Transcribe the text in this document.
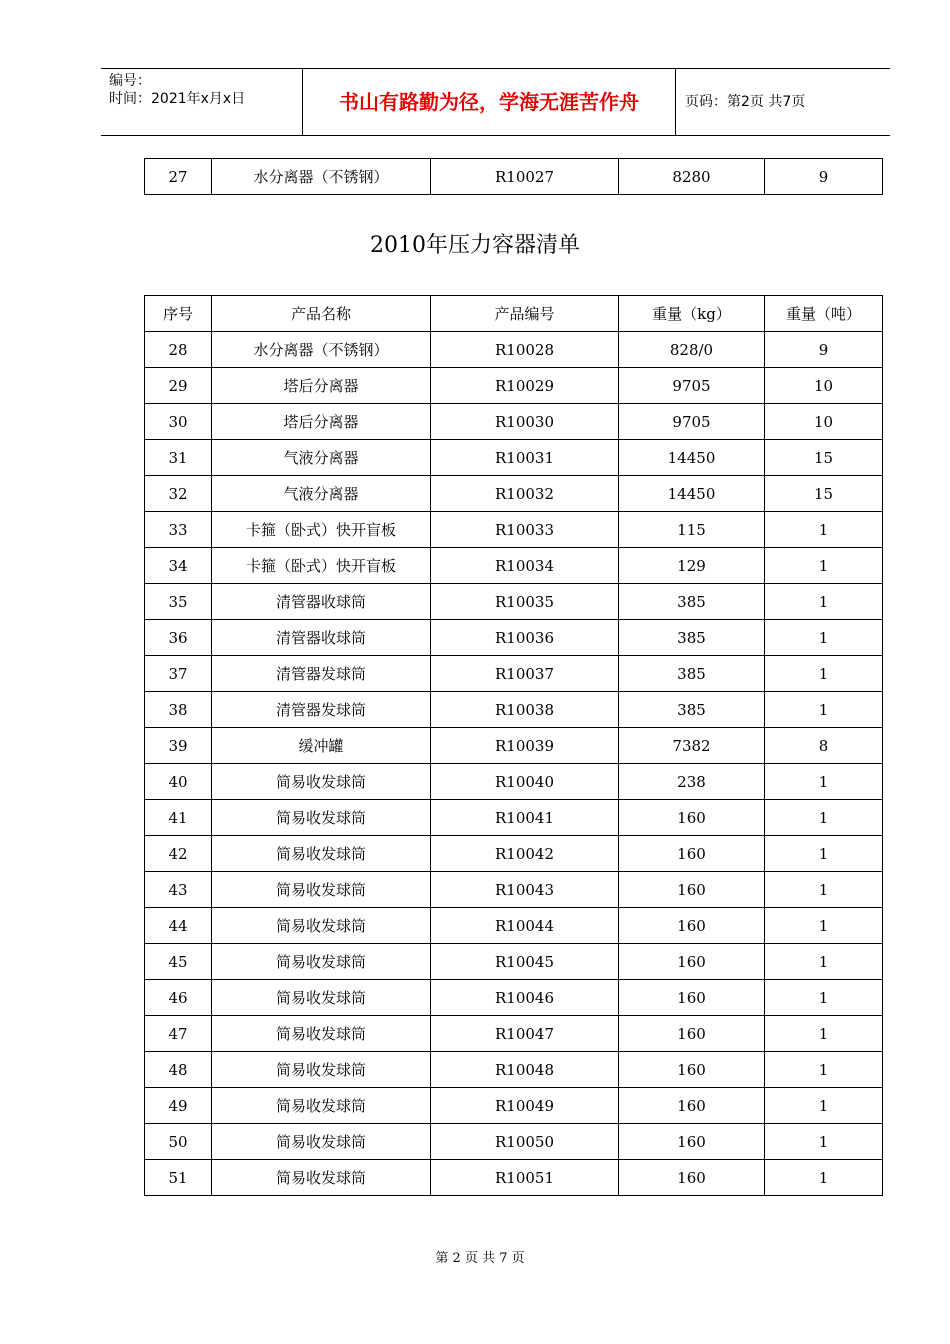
编号：
时间：2021年x月x日	书山有路勤为径，学海无涯苦作舟	页码：第2页 共7页
27	水分离器（不锈钢）	R10027	8280	9
2010年压力容器清单
序号	产品名称	产品编号	重量（kg）	重量（吨）
28	水分离器（不锈钢）	R10028	828/0	9
29	塔后分离器	R10029	9705	10
30	塔后分离器	R10030	9705	10
31	气液分离器	R10031	14450	15
32	气液分离器	R10032	14450	15
33	卡箍（卧式）快开盲板	R10033	115	1
34	卡箍（卧式）快开盲板	R10034	129	1
35	清管器收球筒	R10035	385	1
36	清管器收球筒	R10036	385	1
37	清管器发球筒	R10037	385	1
38	清管器发球筒	R10038	385	1
39	缓冲罐	R10039	7382	8
40	简易收发球筒	R10040	238	1
41	简易收发球筒	R10041	160	1
42	简易收发球筒	R10042	160	1
43	简易收发球筒	R10043	160	1
44	简易收发球筒	R10044	160	1
45	简易收发球筒	R10045	160	1
46	简易收发球筒	R10046	160	1
47	简易收发球筒	R10047	160	1
48	简易收发球筒	R10048	160	1
49	简易收发球筒	R10049	160	1
50	简易收发球筒	R10050	160	1
51	简易收发球筒	R10051	160	1
第 2 页 共 7 页
